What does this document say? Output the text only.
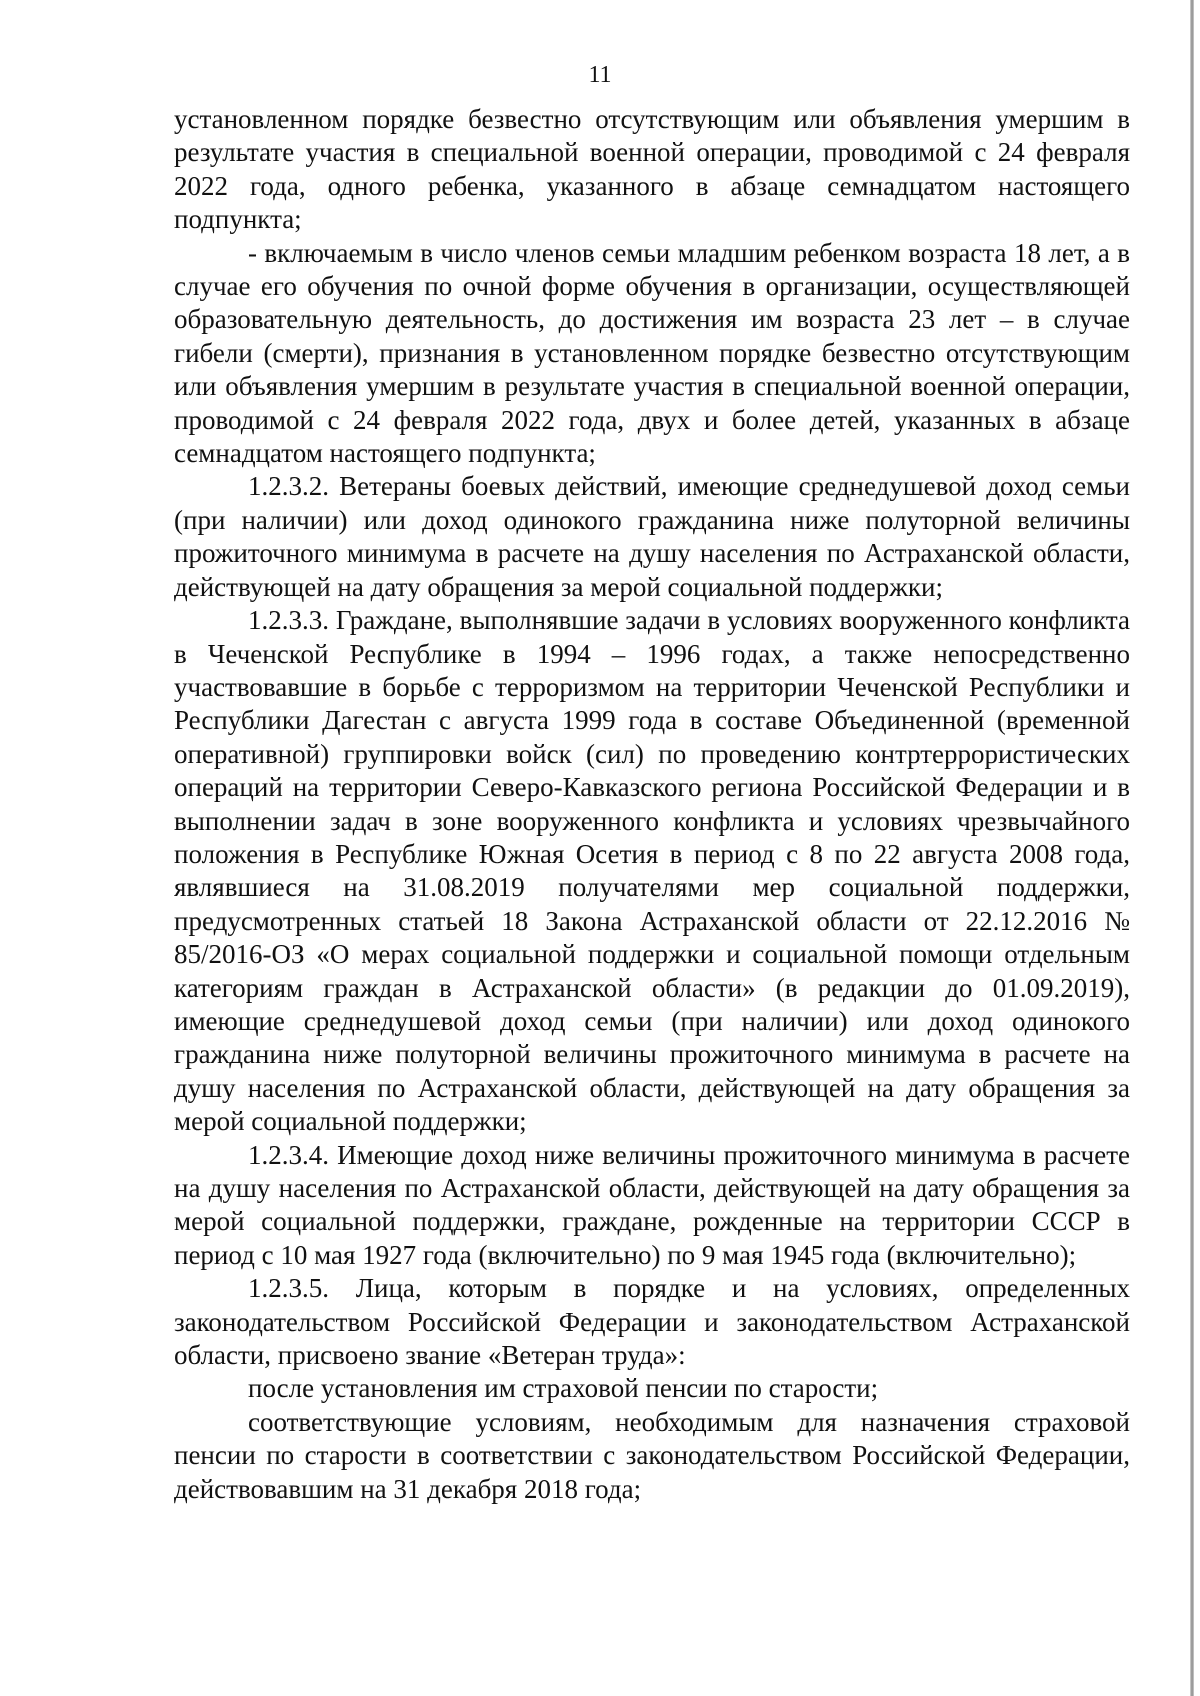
11

установленном порядке безвестно отсутствующим или объявления умершим в результате участия в специальной военной операции, проводимой с 24 февраля 2022 года, одного ребенка, указанного в абзаце семнадцатом настоящего подпункта;

- включаемым в число членов семьи младшим ребенком возраста 18 лет, а в случае его обучения по очной форме обучения в организации, осуществляющей образовательную деятельность, до достижения им возраста 23 лет – в случае гибели (смерти), признания в установленном порядке безвестно отсутствующим или объявления умершим в результате участия в специальной военной операции, проводимой с 24 февраля 2022 года, двух и более детей, указанных в абзаце семнадцатом настоящего подпункта;

1.2.3.2. Ветераны боевых действий, имеющие среднедушевой доход семьи (при наличии) или доход одинокого гражданина ниже полуторной величины прожиточного минимума в расчете на душу населения по Астраханской области, действующей на дату обращения за мерой социальной поддержки;

1.2.3.3. Граждане, выполнявшие задачи в условиях вооруженного конфликта в Чеченской Республике в 1994 – 1996 годах, а также непосредственно участвовавшие в борьбе с терроризмом на территории Чеченской Республики и Республики Дагестан с августа 1999 года в составе Объединенной (временной оперативной) группировки войск (сил) по проведению контртеррористических операций на территории Северо-Кавказского региона Российской Федерации и в выполнении задач в зоне вооруженного конфликта и условиях чрезвычайного положения в Республике Южная Осетия в период с 8 по 22 августа 2008 года, являвшиеся на 31.08.2019 получателями мер социальной поддержки, предусмотренных статьей 18 Закона Астраханской области от 22.12.2016 № 85/2016-ОЗ «О мерах социальной поддержки и социальной помощи отдельным категориям граждан в Астраханской области» (в редакции до 01.09.2019), имеющие среднедушевой доход семьи (при наличии) или доход одинокого гражданина ниже полуторной величины прожиточного минимума в расчете на душу населения по Астраханской области, действующей на дату обращения за мерой социальной поддержки;

1.2.3.4. Имеющие доход ниже величины прожиточного минимума в расчете на душу населения по Астраханской области, действующей на дату обращения за мерой социальной поддержки, граждане, рожденные на территории СССР в период с 10 мая 1927 года (включительно) по 9 мая 1945 года (включительно);

1.2.3.5. Лица, которым в порядке и на условиях, определенных законодательством Российской Федерации и законодательством Астраханской области, присвоено звание «Ветеран труда»:

после установления им страховой пенсии по старости;

соответствующие условиям, необходимым для назначения страховой пенсии по старости в соответствии с законодательством Российской Федерации, действовавшим на 31 декабря 2018 года;
